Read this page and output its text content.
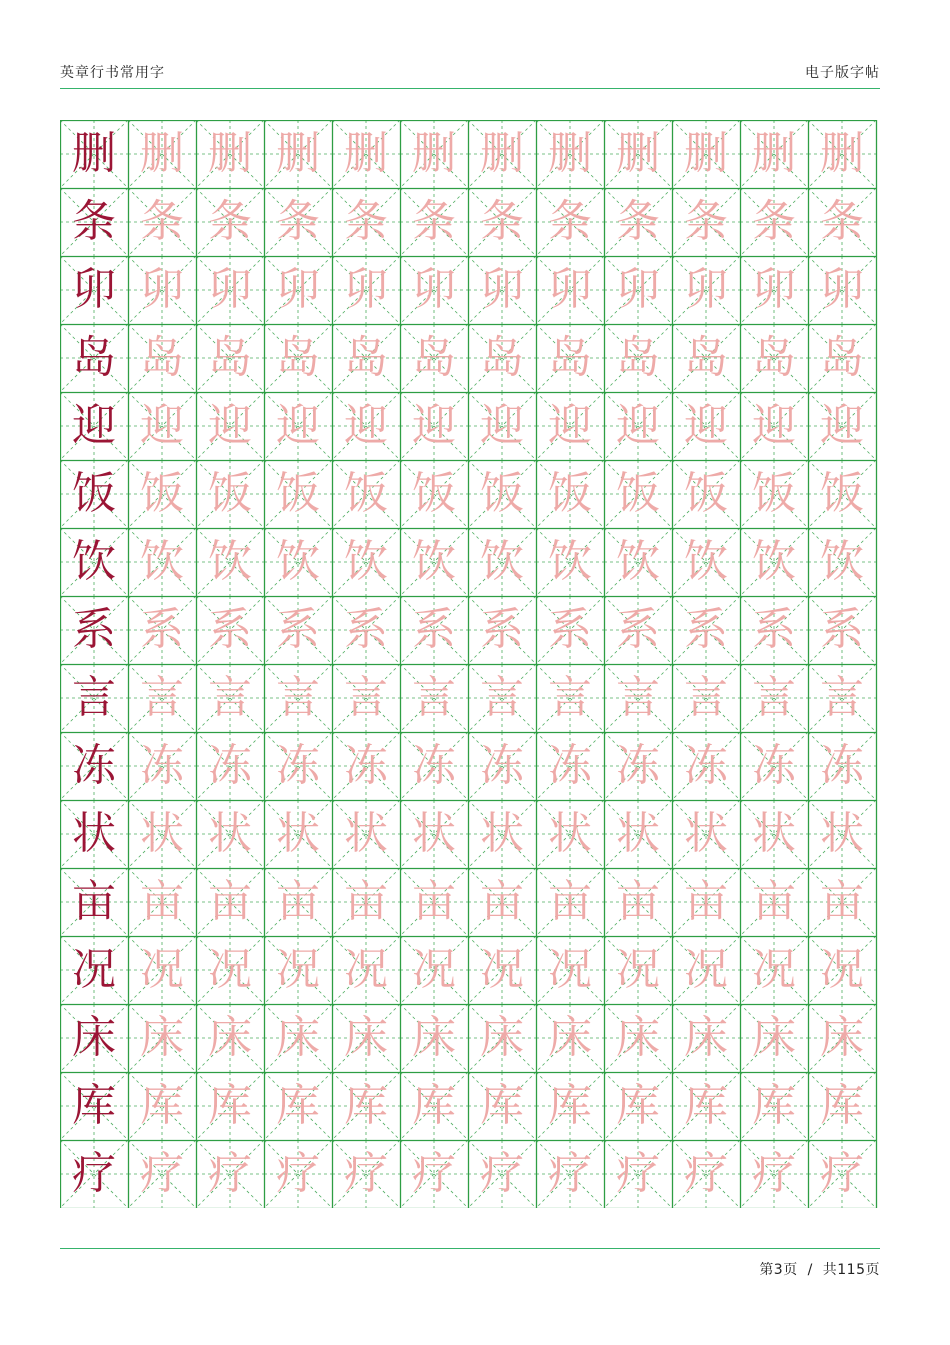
英章行书常用字	电子版字帖
删 删 删 删 删 删 删 删 删 删 删 删
条 条 条 条 条 条 条 条 条 条 条 条
卯 卯 卯 卯 卯 卯 卯 卯 卯 卯 卯 卯
岛 岛 岛 岛 岛 岛 岛 岛 岛 岛 岛 岛
迎 迎 迎 迎 迎 迎 迎 迎 迎 迎 迎 迎
饭 饭 饭 饭 饭 饭 饭 饭 饭 饭 饭 饭
饮 饮 饮 饮 饮 饮 饮 饮 饮 饮 饮 饮
系 系 系 系 系 系 系 系 系 系 系 系
言 言 言 言 言 言 言 言 言 言 言 言
冻 冻 冻 冻 冻 冻 冻 冻 冻 冻 冻 冻
状 状 状 状 状 状 状 状 状 状 状 状
亩 亩 亩 亩 亩 亩 亩 亩 亩 亩 亩 亩
况 况 况 况 况 况 况 况 况 况 况 况
床 床 床 床 床 床 床 床 床 床 床 床
库 库 库 库 库 库 库 库 库 库 库 库
疗 疗 疗 疗 疗 疗 疗 疗 疗 疗 疗 疗
第3页 / 共115页
